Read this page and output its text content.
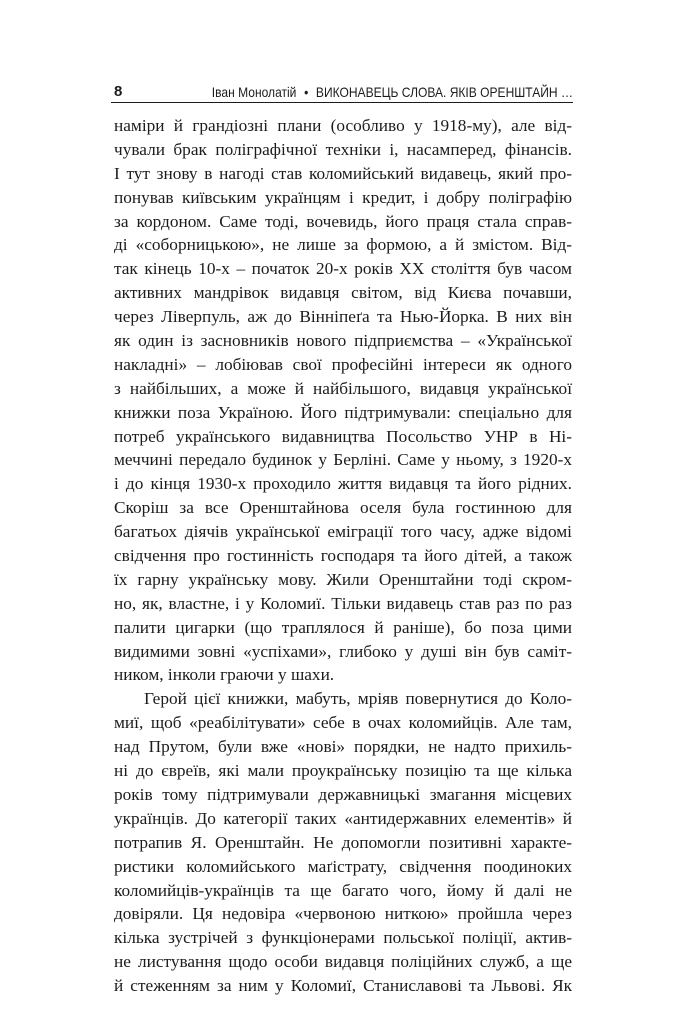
8	Іван Монолатій • ВИКОНАВЕЦЬ СЛОВА. ЯКІВ ОРЕНШТАЙН …
наміри й грандіозні плани (особливо у 1918-му), але від-
чували брак поліграфічної техніки і, насамперед, фінансів.
І тут знову в нагоді став коломийський видавець, який про-
понував київським українцям і кредит, і добру поліграфію
за кордоном. Саме тоді, вочевидь, його праця стала справ-
ді «соборницькою», не лише за формою, а й змістом. Від-
так кінець 10-х – початок 20-х років XX століття був часом
активних мандрівок видавця світом, від Києва почавши,
через Ліверпуль, аж до Вінніпеґа та Нью-Йорка. В них він
як один із засновників нового підприємства – «Української
накладні» – лобіював свої професійні інтереси як одного
з найбільших, а може й найбільшого, видавця української
книжки поза Україною. Його підтримували: спеціально для
потреб українського видавництва Посольство УНР в Ні-
меччині передало будинок у Берліні. Саме у ньому, з 1920-х
і до кінця 1930-х проходило життя видавця та його рідних.
Скоріш за все Оренштайнова оселя була гостинною для
багатьох діячів української еміграції того часу, адже відомі
свідчення про гостинність господаря та його дітей, а також
їх гарну українську мову. Жили Оренштайни тоді скром-
но, як, властне, і у Коломиї. Тільки видавець став раз по раз
палити цигарки (що траплялося й раніше), бо поза цими
видимими зовні «успіхами», глибоко у душі він був саміт-
ником, інколи граючи у шахи.
Герой цієї книжки, мабуть, мріяв повернутися до Коло-
миї, щоб «реабілітувати» себе в очах коломийців. Але там,
над Прутом, були вже «нові» порядки, не надто прихиль-
ні до євреїв, які мали проукраїнську позицію та ще кілька
років тому підтримували державницькі змагання місцевих
українців. До категорії таких «антидержавних елементів» й
потрапив Я. Оренштайн. Не допомогли позитивні характе-
ристики коломийського маґістрату, свідчення поодиноких
коломийців-українців та ще багато чого, йому й далі не
довіряли. Ця недовіра «червоною ниткою» пройшла через
кілька зустрічей з функціонерами польської поліції, актив-
не листування щодо особи видавця поліційних служб, а ще
й стеженням за ним у Коломиї, Станиславові та Львові. Як
